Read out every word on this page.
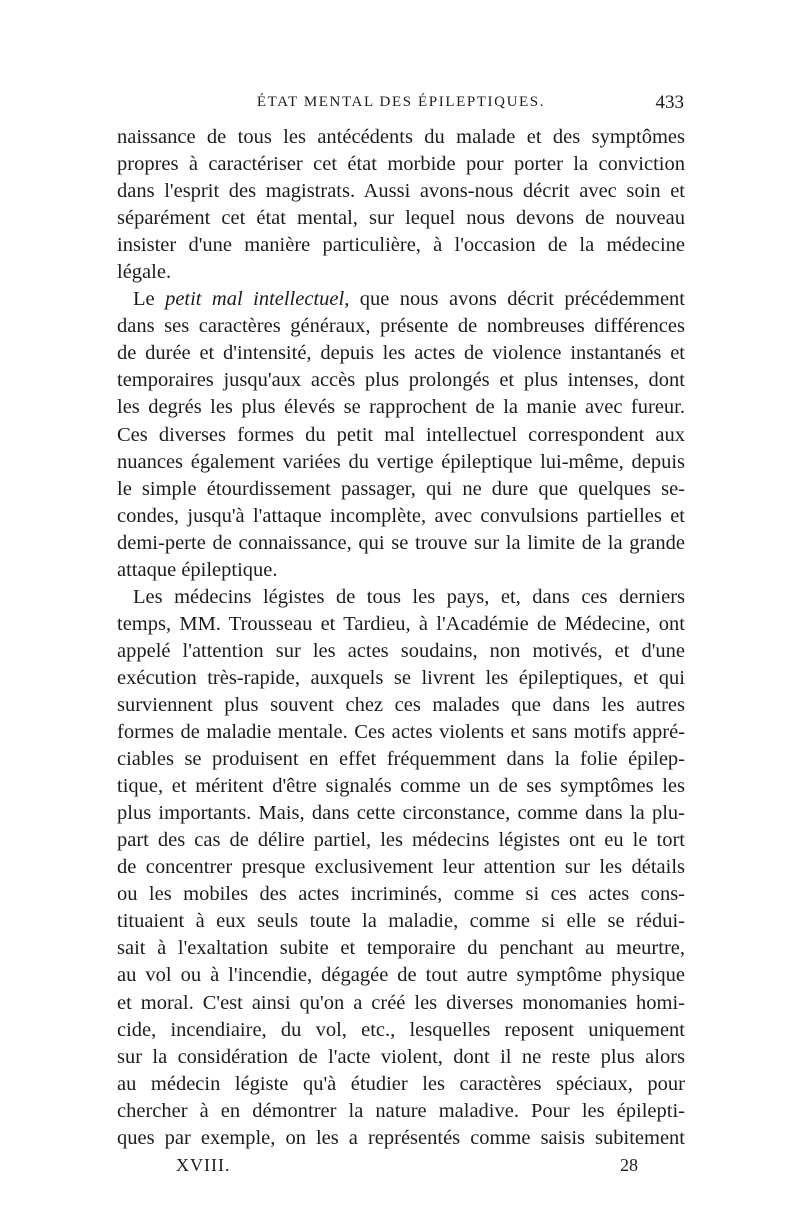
ÉTAT MENTAL DES ÉPILEPTIQUES.	433
naissance de tous les antécédents du malade et des symptômes
propres à caractériser cet état morbide pour porter la conviction
dans l'esprit des magistrats. Aussi avons-nous décrit avec soin et
séparément cet état mental, sur lequel nous devons de nouveau
insister d'une manière particulière, à l'occasion de la médecine
légale.
Le petit mal intellectuel, que nous avons décrit précédemment
dans ses caractères généraux, présente de nombreuses différences
de durée et d'intensité, depuis les actes de violence instantanés et
temporaires jusqu'aux accès plus prolongés et plus intenses, dont
les degrés les plus élevés se rapprochent de la manie avec fureur.
Ces diverses formes du petit mal intellectuel correspondent aux
nuances également variées du vertige épileptique lui-même, depuis
le simple étourdissement passager, qui ne dure que quelques se-
condes, jusqu'à l'attaque incomplète, avec convulsions partielles et
demi-perte de connaissance, qui se trouve sur la limite de la grande
attaque épileptique.
Les médecins légistes de tous les pays, et, dans ces derniers
temps, MM. Trousseau et Tardieu, à l'Académie de Médecine, ont
appelé l'attention sur les actes soudains, non motivés, et d'une
exécution très-rapide, auxquels se livrent les épileptiques, et qui
surviennent plus souvent chez ces malades que dans les autres
formes de maladie mentale. Ces actes violents et sans motifs appré-
ciables se produisent en effet fréquemment dans la folie épilep-
tique, et méritent d'être signalés comme un de ses symptômes les
plus importants. Mais, dans cette circonstance, comme dans la plu-
part des cas de délire partiel, les médecins légistes ont eu le tort
de concentrer presque exclusivement leur attention sur les détails
ou les mobiles des actes incriminés, comme si ces actes cons-
tituaient à eux seuls toute la maladie, comme si elle se rédui-
sait à l'exaltation subite et temporaire du penchant au meurtre,
au vol ou à l'incendie, dégagée de tout autre symptôme physique
et moral. C'est ainsi qu'on a créé les diverses monomanies homi-
cide, incendiaire, du vol, etc., lesquelles reposent uniquement
sur la considération de l'acte violent, dont il ne reste plus alors
au médecin légiste qu'à étudier les caractères spéciaux, pour
chercher à en démontrer la nature maladive. Pour les épilepti-
ques par exemple, on les a représentés comme saisis subitement
XVIII.	28
